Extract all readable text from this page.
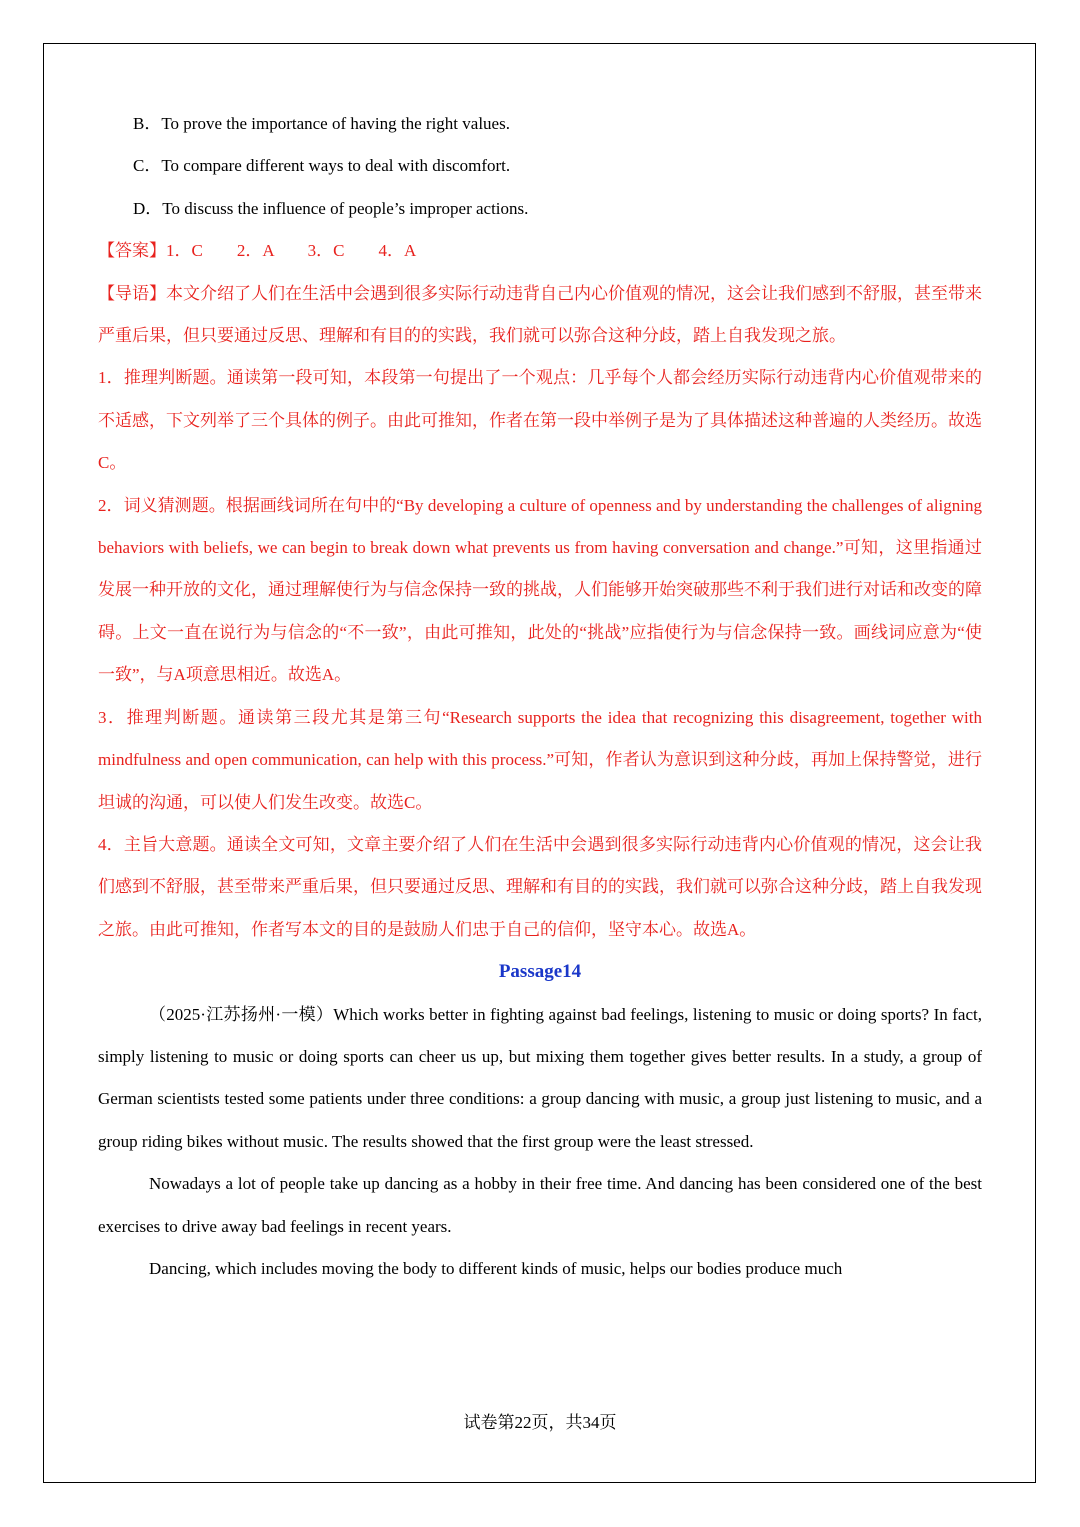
B．To prove the importance of having the right values.
C．To compare different ways to deal with discomfort.
D．To discuss the influence of people’s improper actions.
【答案】1．C　　2．A　　3．C　　4．A
【导语】本文介绍了人们在生活中会遇到很多实际行动违背自己内心价值观的情况，这会让我们感到不舒服，甚至带来严重后果，但只要通过反思、理解和有目的的实践，我们就可以弥合这种分歧，踏上自我发现之旅。
1．推理判断题。通读第一段可知，本段第一句提出了一个观点：几乎每个人都会经历实际行动违背内心价值观带来的不适感，下文列举了三个具体的例子。由此可推知，作者在第一段中举例子是为了具体描述这种普遍的人类经历。故选C。
2．词义猜测题。根据画线词所在句中的“By developing a culture of openness and by understanding the challenges of aligning behaviors with beliefs, we can begin to break down what prevents us from having conversation and change.”可知，这里指通过发展一种开放的文化，通过理解使行为与信念保持一致的挑战，人们能够开始突破那些不利于我们进行对话和改变的障碍。上文一直在说行为与信念的“不一致”，由此可推知，此处的“挑战”应指使行为与信念保持一致。画线词应意为“使一致”，与A项意思相近。故选A。
3．推理判断题。通读第三段尤其是第三句“Research supports the idea that recognizing this disagreement, together with mindfulness and open communication, can help with this process.”可知，作者认为意识到这种分歧，再加上保持警觉，进行坦诚的沟通，可以使人们发生改变。故选C。
4．主旨大意题。通读全文可知，文章主要介绍了人们在生活中会遇到很多实际行动违背内心价值观的情况，这会让我们感到不舒服，甚至带来严重后果，但只要通过反思、理解和有目的的实践，我们就可以弥合这种分歧，踏上自我发现之旅。由此可推知，作者写本文的目的是鼓励人们忠于自己的信仰，坚守本心。故选A。
Passage14
（2025·江苏扬州·一模）Which works better in fighting against bad feelings, listening to music or doing sports? In fact, simply listening to music or doing sports can cheer us up, but mixing them together gives better results. In a study, a group of German scientists tested some patients under three conditions: a group dancing with music, a group just listening to music, and a group riding bikes without music. The results showed that the first group were the least stressed.
Nowadays a lot of people take up dancing as a hobby in their free time. And dancing has been considered one of the best exercises to drive away bad feelings in recent years.
Dancing, which includes moving the body to different kinds of music, helps our bodies produce much
试卷第22页，共34页
